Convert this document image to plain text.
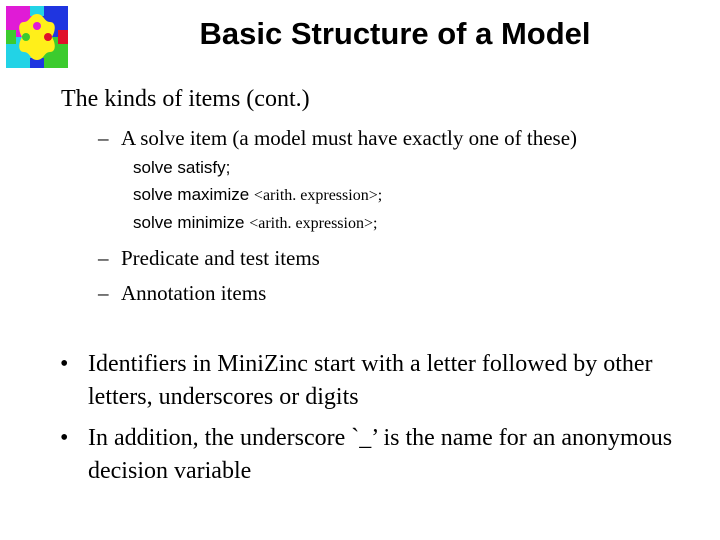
Basic Structure of a Model
The kinds of items (cont.)
– A solve item (a model must have exactly one of these)
solve satisfy;
solve maximize <arith. expression>;
solve minimize <arith. expression>;
– Predicate and test items
– Annotation items
• Identifiers in MiniZinc start with a letter followed by other letters, underscores or digits
• In addition, the underscore `_’ is the name for an anonymous decision variable
